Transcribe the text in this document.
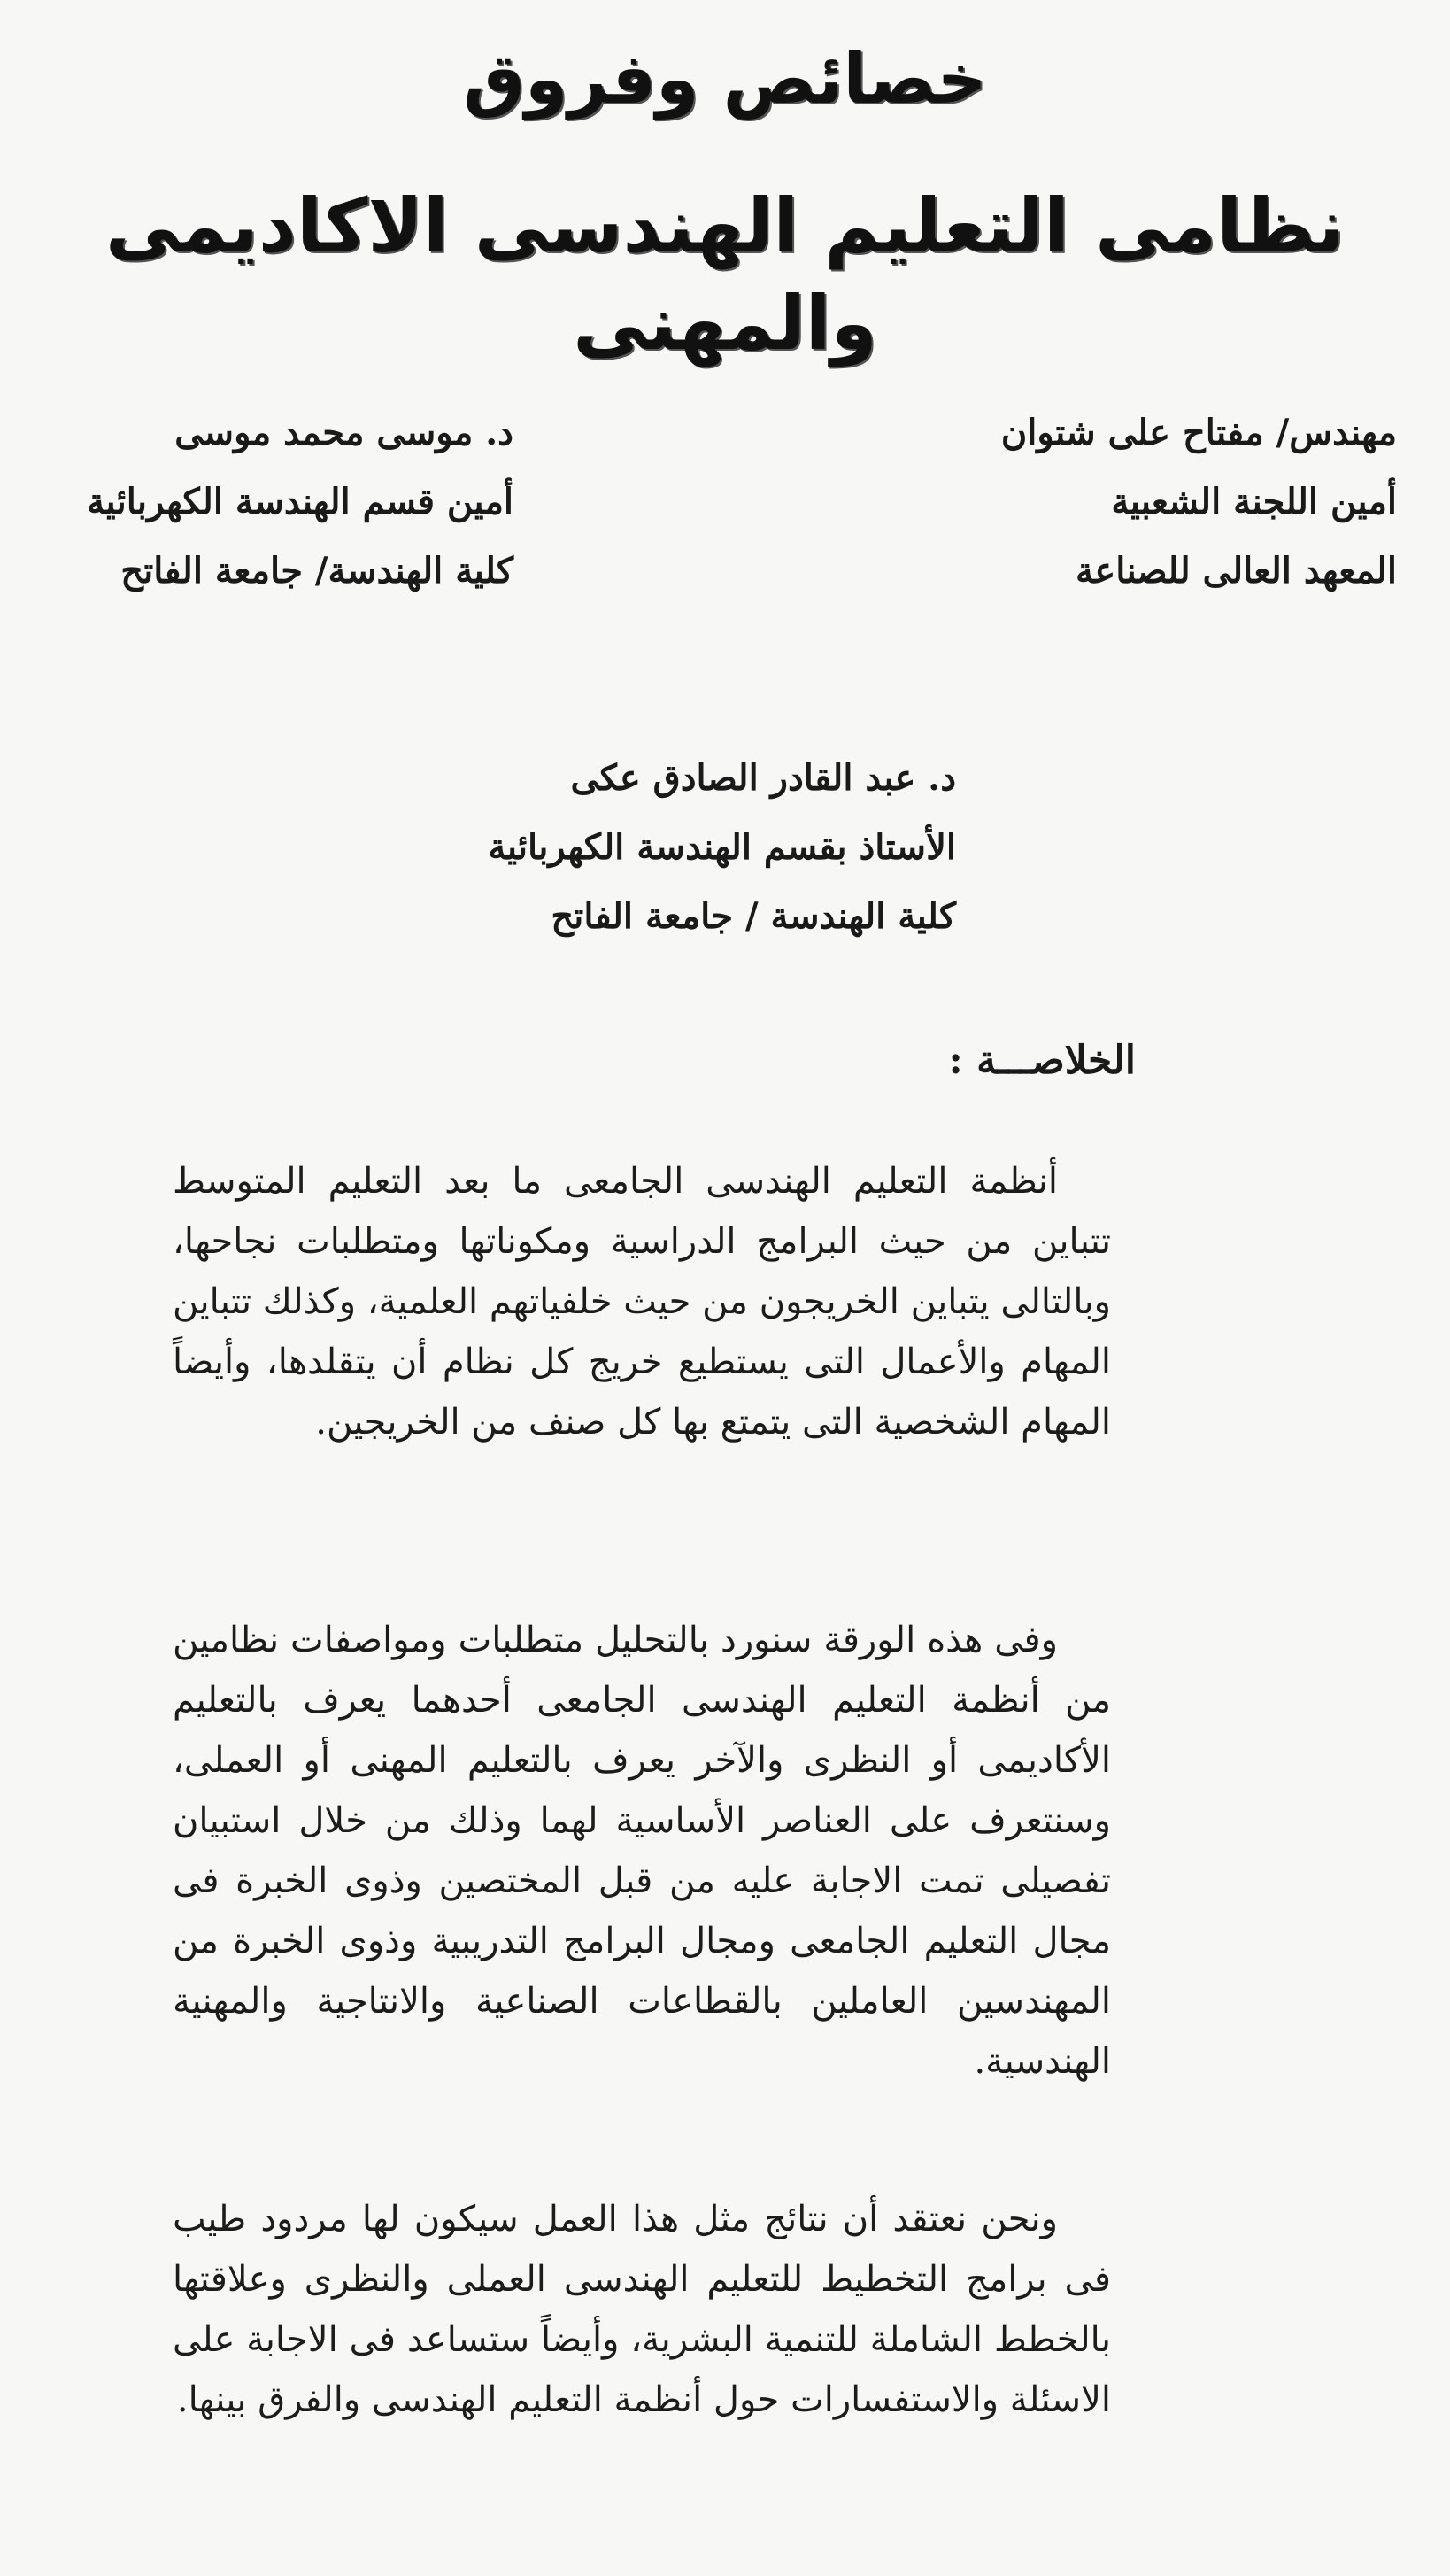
خصائص وفروق
نظامى التعليم الهندسى الاكاديمى والمهنى
مهندس/ مفتاح على شتوان
أمين اللجنة الشعبية
المعهد العالى للصناعة
د. موسى محمد موسى
أمين قسم الهندسة الكهربائية
كلية الهندسة/ جامعة الفاتح
د. عبد القادر الصادق عكى
الأستاذ بقسم الهندسة الكهربائية
كلية الهندسة / جامعة الفاتح
الخلاصـــة :

أنظمة التعليم الهندسى الجامعى ما بعد التعليم المتوسط تتباين من حيث البرامج الدراسية ومكوناتها ومتطلبات نجاحها، وبالتالى يتباين الخريجون من حيث خلفياتهم العلمية، وكذلك تتباين المهام والأعمال التى يستطيع خريج كل نظام أن يتقلدها، وأيضاً المهام الشخصية التى يتمتع بها كل صنف من الخريجين.

وفى هذه الورقة سنورد بالتحليل متطلبات ومواصفات نظامين من أنظمة التعليم الهندسى الجامعى أحدهما يعرف بالتعليم الأكاديمى أو النظرى والآخر يعرف بالتعليم المهنى أو العملى، وسنتعرف على العناصر الأساسية لهما وذلك من خلال استبيان تفصيلى تمت الاجابة عليه من قبل المختصين وذوى الخبرة فى مجال التعليم الجامعى ومجال البرامج التدريبية وذوى الخبرة من المهندسين العاملين بالقطاعات الصناعية والانتاجية والمهنية الهندسية.

ونحن نعتقد أن نتائج مثل هذا العمل سيكون لها مردود طيب فى برامج التخطيط للتعليم الهندسى العملى والنظرى وعلاقتها بالخطط الشاملة للتنمية البشرية، وأيضاً ستساعد فى الاجابة على الاسئلة والاستفسارات حول أنظمة التعليم الهندسى والفرق بينها.
